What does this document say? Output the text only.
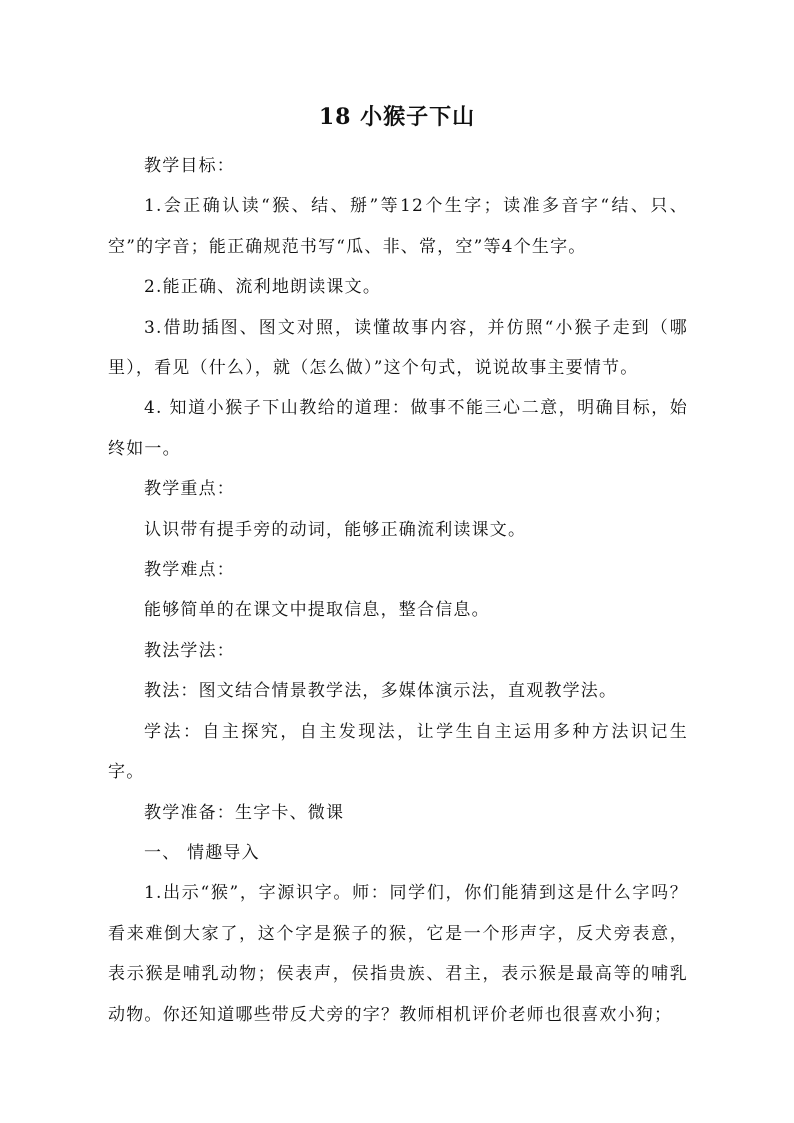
18 小猴子下山

教学目标：

1.会正确认读“猴、结、掰”等12个生字；读准多音字“结、只、空”的字音；能正确规范书写“瓜、非、常，空”等4个生字。

2.能正确、流利地朗读课文。

3.借助插图、图文对照，读懂故事内容，并仿照“小猴子走到（哪里），看见（什么），就（怎么做）”这个句式，说说故事主要情节。

4. 知道小猴子下山教给的道理：做事不能三心二意，明确目标，始终如一。

教学重点：

认识带有提手旁的动词，能够正确流利读课文。

教学难点：

能够简单的在课文中提取信息，整合信息。

教法学法：

教法：图文结合情景教学法，多媒体演示法，直观教学法。

学法：自主探究，自主发现法，让学生自主运用多种方法识记生字。

教学准备：生字卡、微课

一、 情趣导入

1.出示“猴”，字源识字。师：同学们，你们能猜到这是什么字吗？看来难倒大家了，这个字是猴子的猴，它是一个形声字，反犬旁表意，表示猴是哺乳动物；侯表声，侯指贵族、君主，表示猴是最高等的哺乳动物。你还知道哪些带反犬旁的字？教师相机评价老师也很喜欢小狗；
